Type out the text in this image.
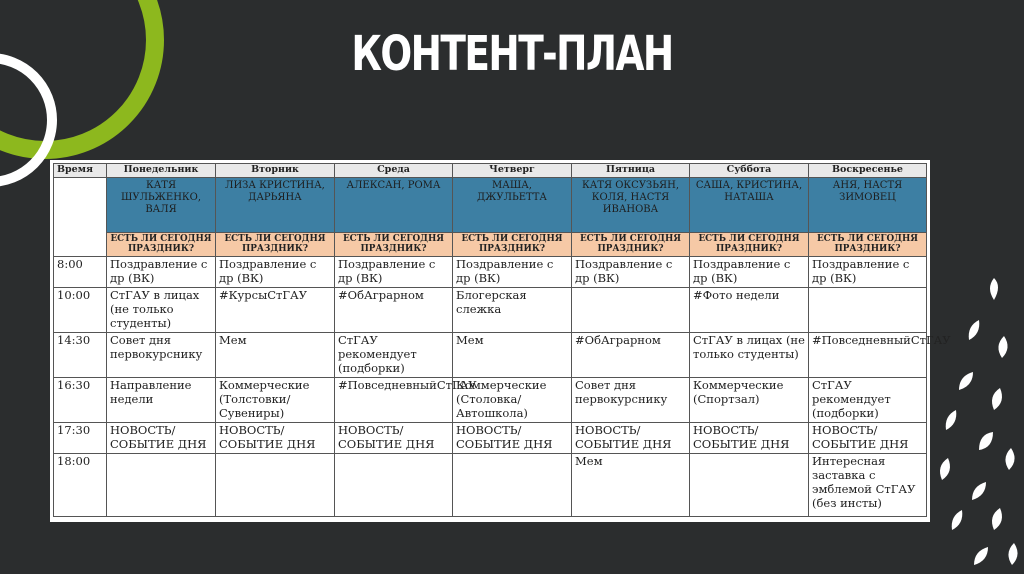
КОНТЕНТ-ПЛАН
Время	Понедельник	Вторник	Среда	Четверг	Пятница	Суббота	Воскресенье
	КАТЯ ШУЛЬЖЕНКО, ВАЛЯ	ЛИЗА КРИСТИНА, ДАРЬЯНА	АЛЕКСАН, РОМА	МАША, ДЖУЛЬЕТТА	КАТЯ ОКСУЗЬЯН, КОЛЯ, НАСТЯ ИВАНОВА	САША, КРИСТИНА, НАТАША	АНЯ, НАСТЯ ЗИМОВЕЦ
	ЕСТЬ ЛИ СЕГОДНЯ ПРАЗДНИК?	ЕСТЬ ЛИ СЕГОДНЯ ПРАЗДНИК?	ЕСТЬ ЛИ СЕГОДНЯ ПРАЗДНИК?	ЕСТЬ ЛИ СЕГОДНЯ ПРАЗДНИК?	ЕСТЬ ЛИ СЕГОДНЯ ПРАЗДНИК?	ЕСТЬ ЛИ СЕГОДНЯ ПРАЗДНИК?	ЕСТЬ ЛИ СЕГОДНЯ ПРАЗДНИК?
8:00	Поздравление с др (ВК)	Поздравление с др (ВК)	Поздравление с др (ВК)	Поздравление с др (ВК)	Поздравление с др (ВК)	Поздравление с др (ВК)	Поздравление с др (ВК)
10:00	СтГАУ в лицах (не только студенты)	#КурсыСтГАУ	#ОбАграрном	Блогерская слежка		#Фото недели	
14:30	Совет дня первокурснику	Мем	СтГАУ рекомендует (подборки)	Мем	#ОбАграрном	СтГАУ в лицах (не только студенты)	#ПовседневныйСтГАУ
16:30	Направление недели	Коммерческие (Толстовки/ Сувениры)	#ПовседневныйСтГАУ	Коммерческие (Столовка/ Автошкола)	Совет дня первокурснику	Коммерческие (Спортзал)	СтГАУ рекомендует (подборки)
17:30	НОВОСТЬ/СОБЫТИЕ ДНЯ	НОВОСТЬ/СОБЫТИЕ ДНЯ	НОВОСТЬ/СОБЫТИЕ ДНЯ	НОВОСТЬ/СОБЫТИЕ ДНЯ	НОВОСТЬ/СОБЫТИЕ ДНЯ	НОВОСТЬ/СОБЫТИЕ ДНЯ	НОВОСТЬ/СОБЫТИЕ ДНЯ
18:00					Мем		Интересная заставка с эмблемой СтГАУ (без инсты)
